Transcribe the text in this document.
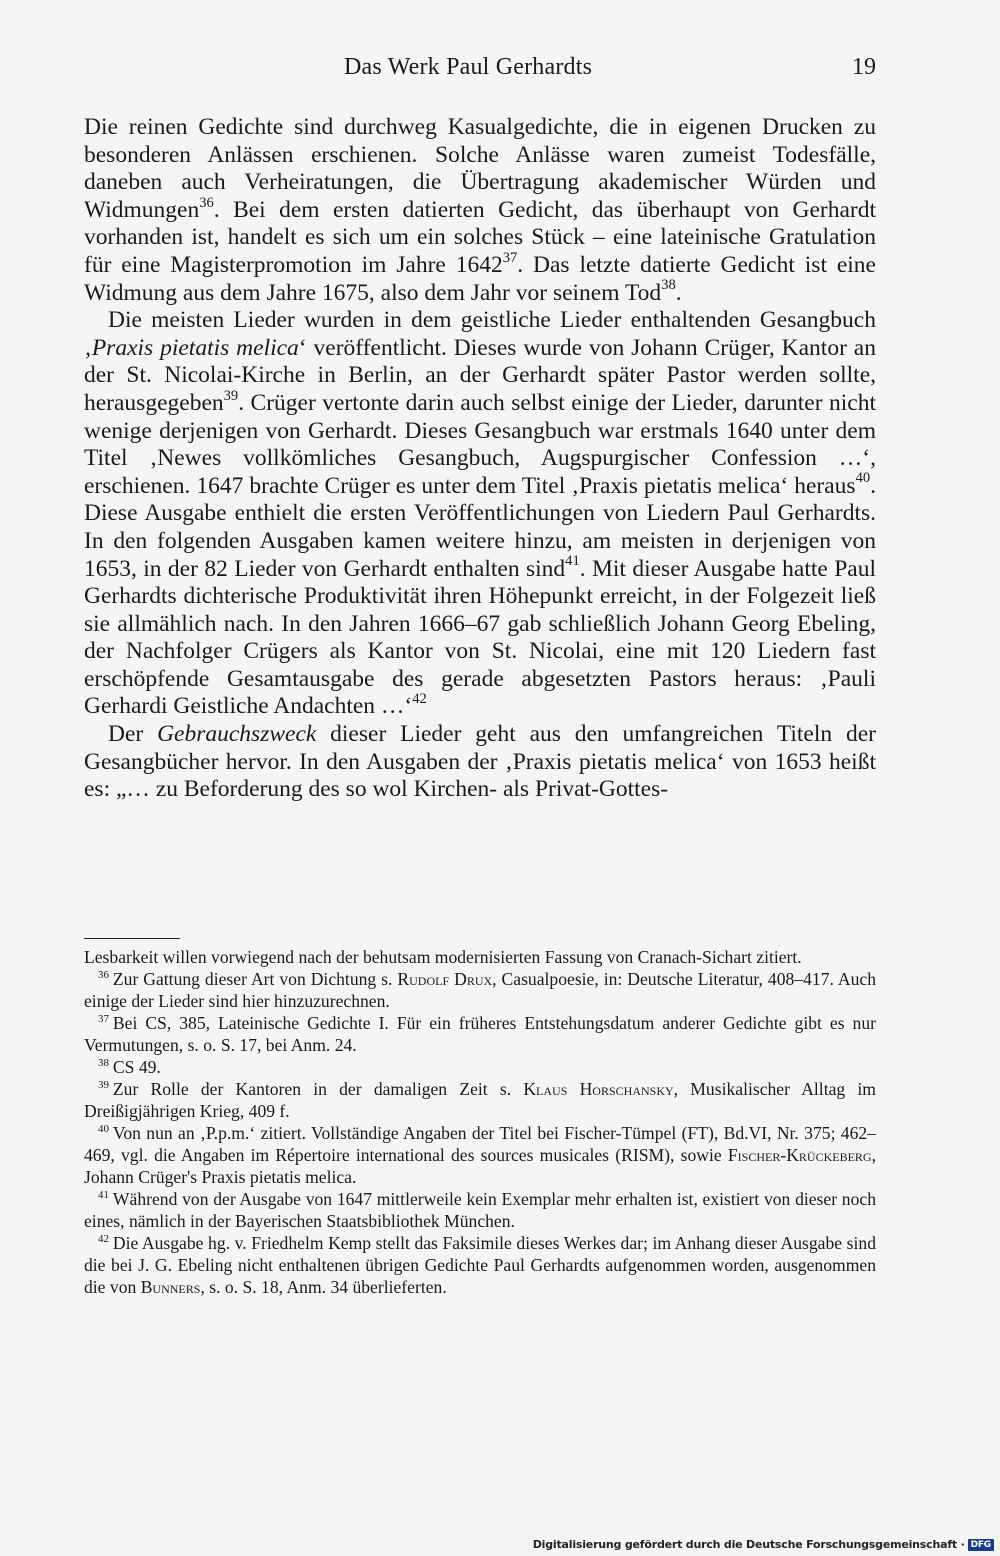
Das Werk Paul Gerhardts	19

Die reinen Gedichte sind durchweg Kasualgedichte, die in eigenen Drucken zu besonderen Anlässen erschienen. Solche Anlässe waren zumeist Todesfälle, daneben auch Verheiratungen, die Übertragung akademischer Würden und Widmungen$^{36}$. Bei dem ersten datierten Gedicht, das überhaupt von Gerhardt vorhanden ist, handelt es sich um ein solches Stück – eine lateinische Gratulation für eine Magisterpromotion im Jahre 1642$^{37}$. Das letzte datierte Gedicht ist eine Widmung aus dem Jahre 1675, also dem Jahr vor seinem Tod$^{38}$.

Die meisten Lieder wurden in dem geistliche Lieder enthaltenden Gesangbuch ‚Praxis pietatis melica‘ veröffentlicht. Dieses wurde von Johann Crüger, Kantor an der St. Nicolai-Kirche in Berlin, an der Gerhardt später Pastor werden sollte, herausgegeben$^{39}$. Crüger vertonte darin auch selbst einige der Lieder, darunter nicht wenige derjenigen von Gerhardt. Dieses Gesangbuch war erstmals 1640 unter dem Titel ‚Newes vollkömliches Gesangbuch, Augspurgischer Confession …‘, erschienen. 1647 brachte Crüger es unter dem Titel ‚Praxis pietatis melica‘ heraus$^{40}$. Diese Ausgabe enthielt die ersten Veröffentlichungen von Liedern Paul Gerhardts. In den folgenden Ausgaben kamen weitere hinzu, am meisten in derjenigen von 1653, in der 82 Lieder von Gerhardt enthalten sind$^{41}$. Mit dieser Ausgabe hatte Paul Gerhardts dichterische Produktivität ihren Höhepunkt erreicht, in der Folgezeit ließ sie allmählich nach. In den Jahren 1666–67 gab schließlich Johann Georg Ebeling, der Nachfolger Crügers als Kantor von St. Nicolai, eine mit 120 Liedern fast erschöpfende Gesamtausgabe des gerade abgesetzten Pastors heraus: ‚Pauli Gerhardi Geistliche Andachten …‘$^{42}$

Der Gebrauchszweck dieser Lieder geht aus den umfangreichen Titeln der Gesangbücher hervor. In den Ausgaben der ‚Praxis pietatis melica‘ von 1653 heißt es: „… zu Beforderung des so wol Kirchen- als Privat-Gottes-

Lesbarkeit willen vorwiegend nach der behutsam modernisierten Fassung von Cranach-Sichart zitiert.

$^{36}$ Zur Gattung dieser Art von Dichtung s. Rudolf Drux, Casualpoesie, in: Deutsche Literatur, 408–417. Auch einige der Lieder sind hier hinzuzurechnen.

$^{37}$ Bei CS, 385, Lateinische Gedichte I. Für ein früheres Entstehungsdatum anderer Gedichte gibt es nur Vermutungen, s. o. S. 17, bei Anm. 24.

$^{38}$ CS 49.

$^{39}$ Zur Rolle der Kantoren in der damaligen Zeit s. Klaus Horschansky, Musikalischer Alltag im Dreißigjährigen Krieg, 409 f.

$^{40}$ Von nun an ‚P.p.m.‘ zitiert. Vollständige Angaben der Titel bei Fischer-Tümpel (FT), Bd.VI, Nr. 375; 462–469, vgl. die Angaben im Répertoire international des sources musicales (RISM), sowie Fischer-Krückeberg, Johann Crüger's Praxis pietatis melica.

$^{41}$ Während von der Ausgabe von 1647 mittlerweile kein Exemplar mehr erhalten ist, existiert von dieser noch eines, nämlich in der Bayerischen Staatsbibliothek München.

$^{42}$ Die Ausgabe hg. v. Friedhelm Kemp stellt das Faksimile dieses Werkes dar; im Anhang dieser Ausgabe sind die bei J. G. Ebeling nicht enthaltenen übrigen Gedichte Paul Gerhardts aufgenommen worden, ausgenommen die von Bunners, s. o. S. 18, Anm. 34 überlieferten.

Digitalisierung gefördert durch die Deutsche Forschungsgemeinschaft · DFG
